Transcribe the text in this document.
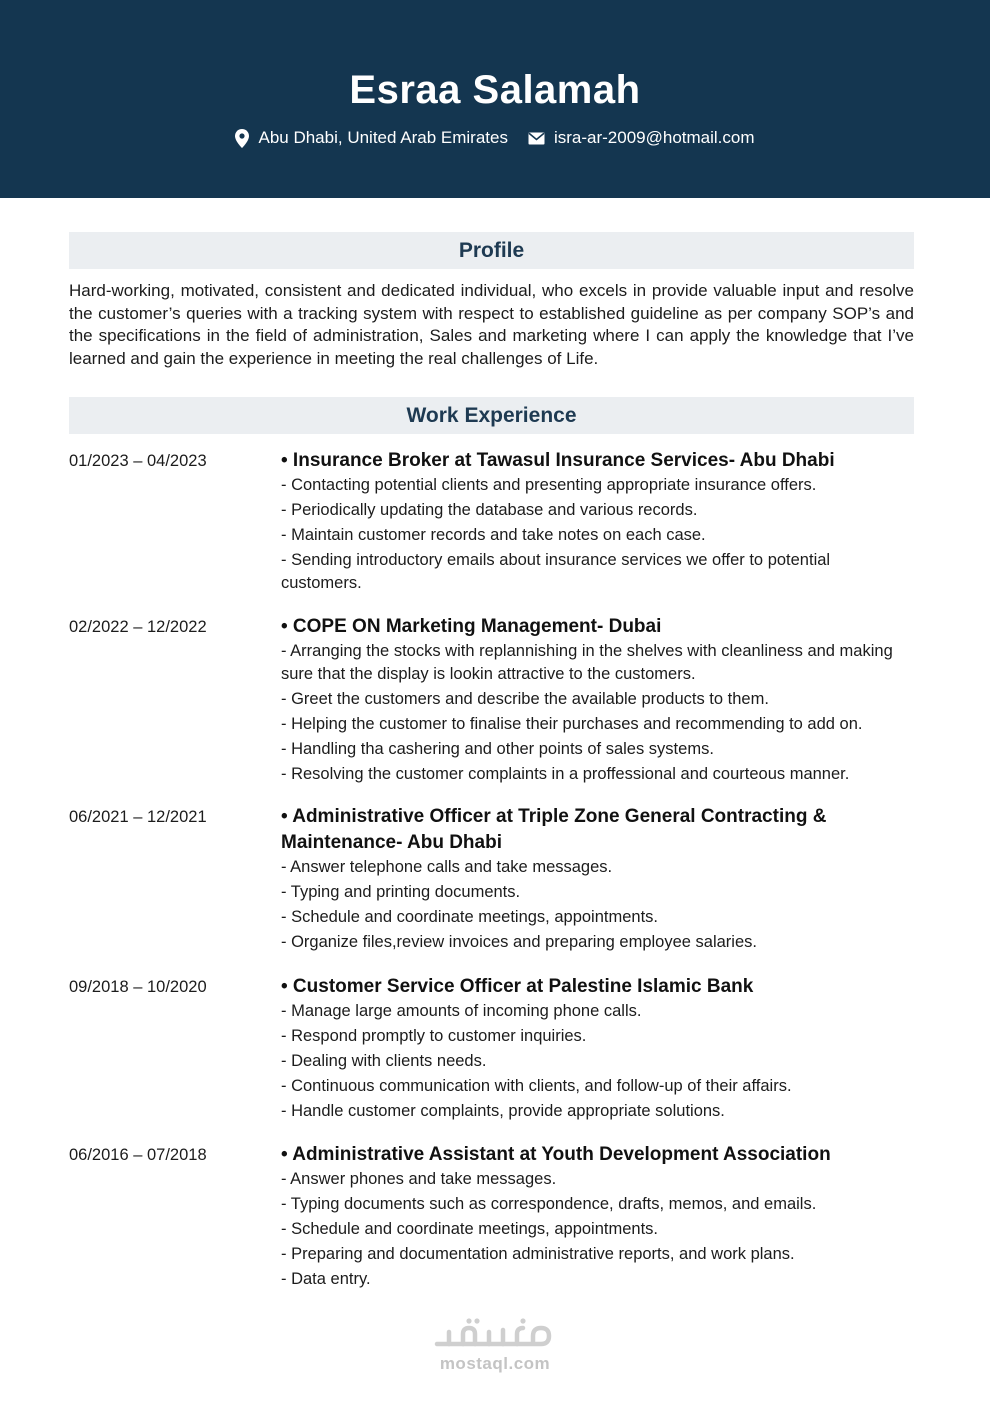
Esraa Salamah
Abu Dhabi, United Arab Emirates	isra-ar-2009@hotmail.com
Profile
Hard-working, motivated, consistent and dedicated individual, who excels in provide valuable input and resolve the customer’s queries with a tracking system with respect to established guideline as per company SOP’s and the specifications in the field of administration, Sales and marketing where I can apply the knowledge that I’ve learned and gain the experience in meeting the real challenges of Life.
Work Experience
01/2023 – 04/2023	• Insurance Broker at Tawasul Insurance Services- Abu Dhabi
- Contacting potential clients and presenting appropriate insurance offers.
- Periodically updating the database and various records.
- Maintain customer records and take notes on each case.
- Sending introductory emails about insurance services we offer to potential customers.
02/2022 – 12/2022	• COPE ON Marketing Management- Dubai
- Arranging the stocks with replannishing in the shelves with cleanliness and making sure that the display is lookin attractive to the customers.
- Greet the customers and describe the available products to them.
- Helping the customer to finalise their purchases and recommending to add on.
- Handling tha cashering and other points of sales systems.
- Resolving the customer complaints in a proffessional and courteous manner.
06/2021 – 12/2021	• Administrative Officer at Triple Zone General Contracting & Maintenance- Abu Dhabi
- Answer telephone calls and take messages.
- Typing and printing documents.
- Schedule and coordinate meetings, appointments.
- Organize files,review invoices and preparing employee salaries.
09/2018 – 10/2020	• Customer Service Officer at Palestine Islamic Bank
- Manage large amounts of incoming phone calls.
- Respond promptly to customer inquiries.
- Dealing with clients needs.
- Continuous communication with clients, and follow-up of their affairs.
- Handle customer complaints, provide appropriate solutions.
06/2016 – 07/2018	• Administrative Assistant at Youth Development Association
- Answer phones and take messages.
- Typing documents such as correspondence, drafts, memos, and emails.
- Schedule and coordinate meetings, appointments.
- Preparing and documentation administrative reports, and work plans.
- Data entry.
mostaql.com
